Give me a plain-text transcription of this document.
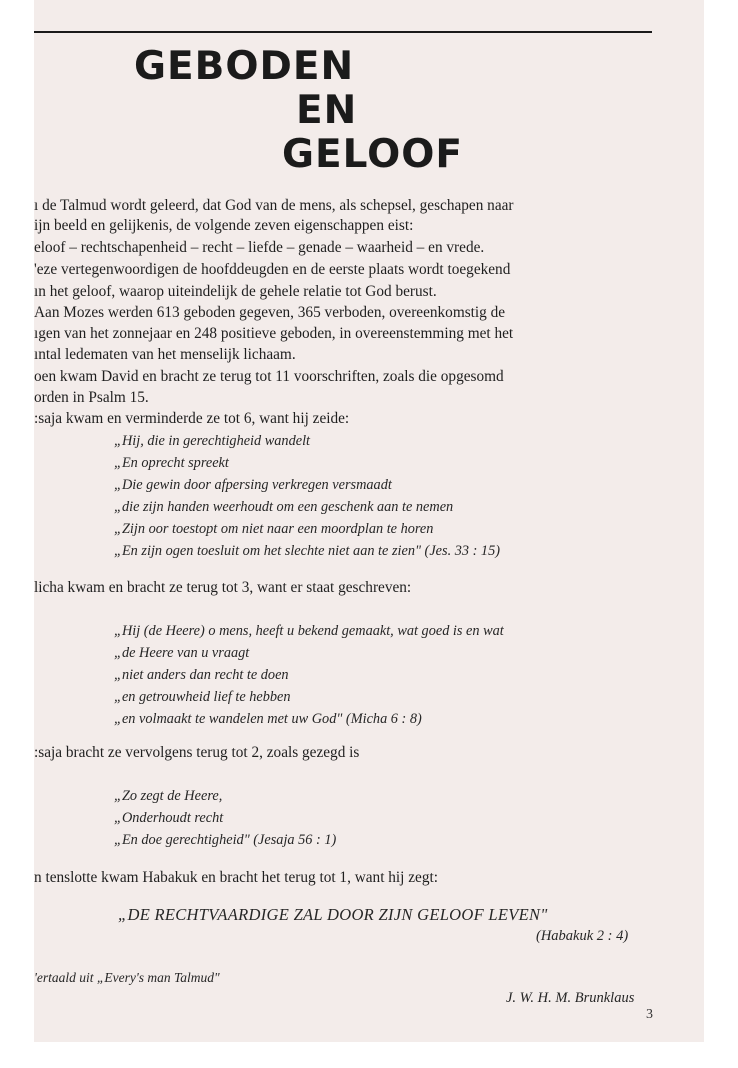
GEBODEN
EN
GELOOF

ı de Talmud wordt geleerd, dat God van de mens, als schepsel, geschapen naar

ijn beeld en gelijkenis, de volgende zeven eigenschappen eist:

eloof – rechtschapenheid – recht – liefde – genade – waarheid – en vrede.

'eze vertegenwoordigen de hoofddeugden en de eerste plaats wordt toegekend

ın het geloof, waarop uiteindelijk de gehele relatie tot God berust.

Aan Mozes werden 613 geboden gegeven, 365 verboden, overeenkomstig de

ıgen van het zonnejaar en 248 positieve geboden, in overeenstemming met het

ıntal ledematen van het menselijk lichaam.

oen kwam David en bracht ze terug tot 11 voorschriften, zoals die opgesomd

orden in Psalm 15.

:saja kwam en verminderde ze tot 6, want hij zeide:

„Hij, die in gerechtigheid wandelt

„En oprecht spreekt

„Die gewin door afpersing verkregen versmaadt

„die zijn handen weerhoudt om een geschenk aan te nemen

„Zijn oor toestopt om niet naar een moordplan te horen

„En zijn ogen toesluit om het slechte niet aan te zien" (Jes. 33 : 15)

licha kwam en bracht ze terug tot 3, want er staat geschreven:

„Hij (de Heere) o mens, heeft u bekend gemaakt, wat goed is en wat

„de Heere van u vraagt

„niet anders dan recht te doen

„en getrouwheid lief te hebben

„en volmaakt te wandelen met uw God" (Micha 6 : 8)

:saja bracht ze vervolgens terug tot 2, zoals gezegd is

„Zo zegt de Heere,

„Onderhoudt recht

„En doe gerechtigheid" (Jesaja 56 : 1)

n tenslotte kwam Habakuk en bracht het terug tot 1, want hij zegt:

„DE RECHTVAARDIGE ZAL DOOR ZIJN GELOOF LEVEN"

(Habakuk 2 : 4)

'ertaald uit „Every's man Talmud"

J. W. H. M. Brunklaus

3
